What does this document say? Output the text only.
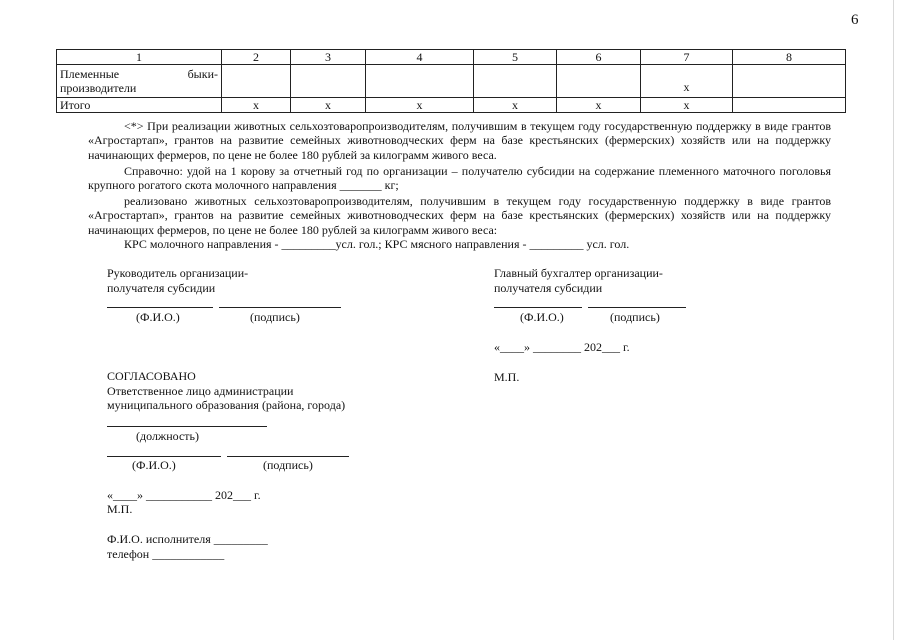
6
1	2	3	4	5	6	7	8

Племенные быки-
производители						х	

Итого	х	х	х	х	х	х	
<*> При реализации животных сельхозтоваропроизводителям, получившим в текущем году государственную поддержку в виде грантов «Агростартап», грантов на развитие семейных животноводческих ферм на базе крестьянских (фермерских) хозяйств или на поддержку начинающих фермеров, по цене не более 180 рублей за килограмм живого веса.
Справочно: удой на 1 корову за отчетный год по организации – получателю субсидии на содержание племенного маточного поголовья крупного рогатого скота молочного направления _______ кг;
реализовано животных сельхозтоваропроизводителям, получившим в текущем году государственную поддержку в виде грантов «Агростартап», грантов на развитие семейных животноводческих ферм на базе крестьянских (фермерских) хозяйств или на поддержку начинающих фермеров, по цене не более 180 рублей за килограмм живого веса:
КРС молочного направления - _________усл. гол.; КРС мясного направления - _________ усл. гол.
Руководитель организации-
получателя субсидии
(Ф.И.О.)	(подпись)
Главный бухгалтер организации-
получателя субсидии
(Ф.И.О.)	(подпись)
«____» ________ 202___ г.
М.П.
СОГЛАСОВАНО
Ответственное лицо администрации
муниципального образования (района, города)
(должность)
(Ф.И.О.)	(подпись)
«____» ___________ 202___ г.
М.П.
Ф.И.О. исполнителя _________
телефон ____________
